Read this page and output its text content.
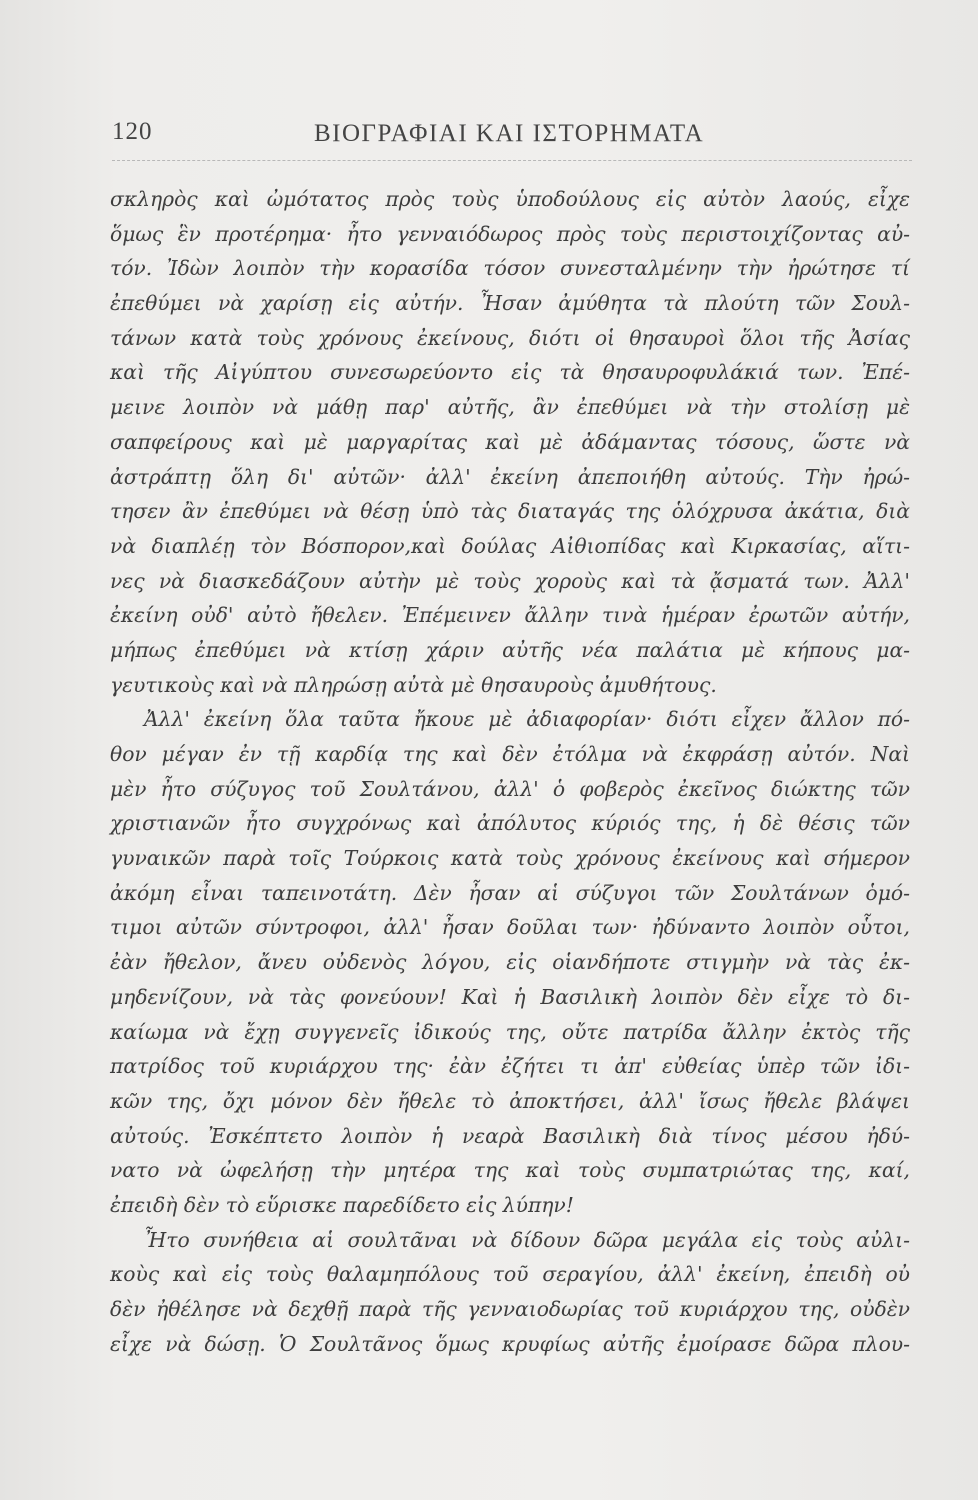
120	ΒΙΟΓΡΑΦΙΑΙ ΚΑΙ ΙΣΤΟΡΗΜΑΤΑ
σκληρὸς καὶ ὠμότατος πρὸς τοὺς ὑποδούλους εἰς αὐτὸν λαούς, εἶχε
ὅμως ἓν προτέρημα· ἦτο γενναιόδωρος πρὸς τοὺς περιστοιχίζοντας αὐ-
τόν. Ἰδὼν λοιπὸν τὴν κορασίδα τόσον συνεσταλμένην τὴν ἠρώτησε τί
ἐπεθύμει νὰ χαρίσῃ εἰς αὐτήν. Ἦσαν ἀμύθητα τὰ πλούτη τῶν Σουλ-
τάνων κατὰ τοὺς χρόνους ἐκείνους, διότι οἱ θησαυροὶ ὅλοι τῆς Ἀσίας
καὶ τῆς Αἰγύπτου συνεσωρεύοντο εἰς τὰ θησαυροφυλάκιά των. Ἐπέ-
μεινε λοιπὸν νὰ μάθῃ παρ' αὐτῆς, ἂν ἐπεθύμει νὰ τὴν στολίσῃ μὲ
σαπφείρους καὶ μὲ μαργαρίτας καὶ μὲ ἀδάμαντας τόσους, ὥστε νὰ
ἀστράπτῃ ὅλη δι' αὐτῶν· ἀλλ' ἐκείνη ἀπεποιήθη αὐτούς. Τὴν ἠρώ-
τησεν ἂν ἐπεθύμει νὰ θέσῃ ὑπὸ τὰς διαταγάς της ὁλόχρυσα ἀκάτια, διὰ
νὰ διαπλέῃ τὸν Βόσπορον,καὶ δούλας Αἰθιοπίδας καὶ Κιρκασίας, αἵτι-
νες νὰ διασκεδάζουν αὐτὴν μὲ τοὺς χοροὺς καὶ τὰ ᾄσματά των. Ἀλλ'
ἐκείνη οὐδ' αὐτὸ ἤθελεν. Ἐπέμεινεν ἄλλην τινὰ ἡμέραν ἐρωτῶν αὐτήν,
μήπως ἐπεθύμει νὰ κτίσῃ χάριν αὐτῆς νέα παλάτια μὲ κήπους μα-
γευτικοὺς καὶ νὰ πληρώσῃ αὐτὰ μὲ θησαυροὺς ἀμυθήτους.
Ἀλλ' ἐκείνη ὅλα ταῦτα ἤκουε μὲ ἀδιαφορίαν· διότι εἶχεν ἄλλον πό-
θον μέγαν ἐν τῇ καρδίᾳ της καὶ δὲν ἐτόλμα νὰ ἐκφράσῃ αὐτόν. Ναὶ
μὲν ἦτο σύζυγος τοῦ Σουλτάνου, ἀλλ' ὁ φοβερὸς ἐκεῖνος διώκτης τῶν
χριστιανῶν ἦτο συγχρόνως καὶ ἀπόλυτος κύριός της, ἡ δὲ θέσις τῶν
γυναικῶν παρὰ τοῖς Τούρκοις κατὰ τοὺς χρόνους ἐκείνους καὶ σήμερον
ἀκόμη εἶναι ταπεινοτάτη. Δὲν ἦσαν αἱ σύζυγοι τῶν Σουλτάνων ὁμό-
τιμοι αὐτῶν σύντροφοι, ἀλλ' ἦσαν δοῦλαι των· ἠδύναντο λοιπὸν οὗτοι,
ἐὰν ἤθελον, ἄνευ οὐδενὸς λόγου, εἰς οἱανδήποτε στιγμὴν νὰ τὰς ἐκ-
μηδενίζουν, νὰ τὰς φονεύουν! Καὶ ἡ Βασιλικὴ λοιπὸν δὲν εἶχε τὸ δι-
καίωμα νὰ ἔχῃ συγγενεῖς ἰδικούς της, οὔτε πατρίδα ἄλλην ἐκτὸς τῆς
πατρίδος τοῦ κυριάρχου της· ἐὰν ἐζήτει τι ἀπ' εὐθείας ὑπὲρ τῶν ἰδι-
κῶν της, ὄχι μόνον δὲν ἤθελε τὸ ἀποκτήσει, ἀλλ' ἴσως ἤθελε βλάψει
αὐτούς. Ἐσκέπτετο λοιπὸν ἡ νεαρὰ Βασιλικὴ διὰ τίνος μέσου ἠδύ-
νατο νὰ ὠφελήσῃ τὴν μητέρα της καὶ τοὺς συμπατριώτας της, καί,
ἐπειδὴ δὲν τὸ εὕρισκε παρεδίδετο εἰς λύπην!
Ἦτο συνήθεια αἱ σουλτᾶναι νὰ δίδουν δῶρα μεγάλα εἰς τοὺς αὐλι-
κοὺς καὶ εἰς τοὺς θαλαμηπόλους τοῦ σεραγίου, ἀλλ' ἐκείνη, ἐπειδὴ οὐ
δὲν ἠθέλησε νὰ δεχθῇ παρὰ τῆς γενναιοδωρίας τοῦ κυριάρχου της, οὐδὲν
εἶχε νὰ δώσῃ. Ὁ Σουλτᾶνος ὅμως κρυφίως αὐτῆς ἐμοίρασε δῶρα πλου-
